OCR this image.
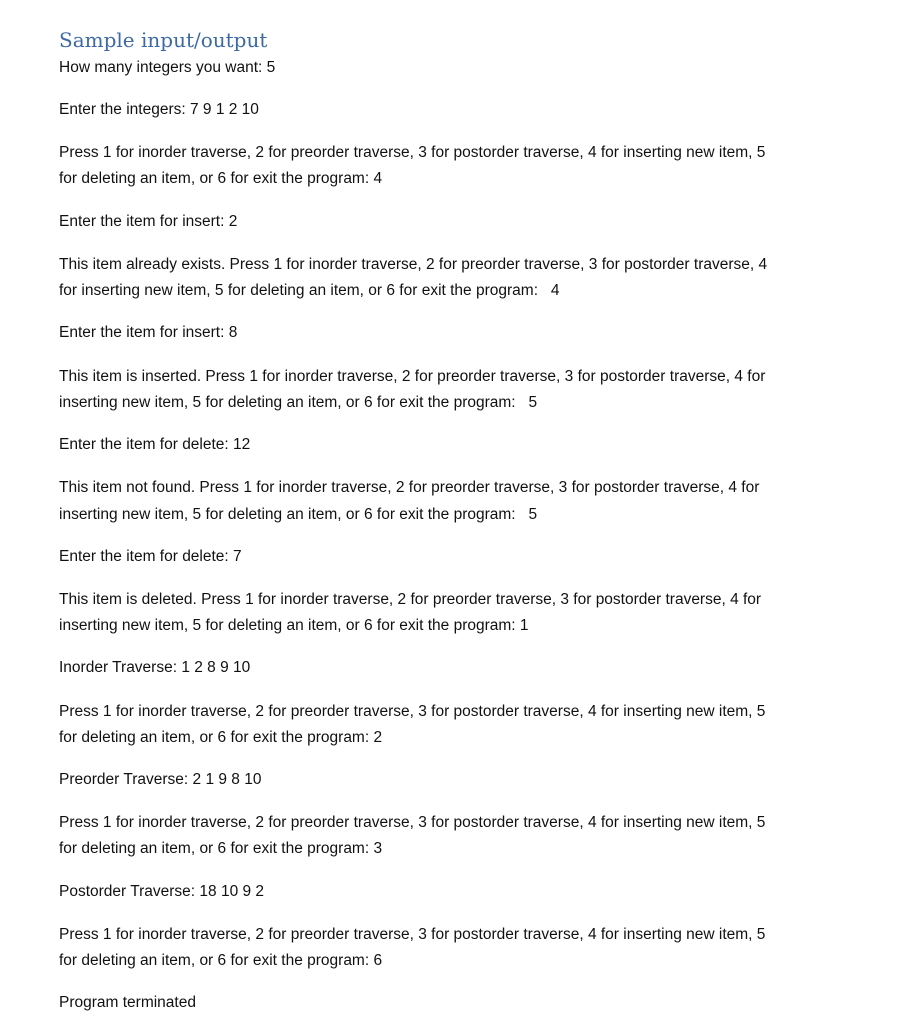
Sample input/output

How many integers you want: 5

Enter the integers: 7 9 1 2 10

Press 1 for inorder traverse, 2 for preorder traverse, 3 for postorder traverse, 4 for inserting new item, 5

for deleting an item, or 6 for exit the program: 4

Enter the item for insert: 2

This item already exists. Press 1 for inorder traverse, 2 for preorder traverse, 3 for postorder traverse, 4

for inserting new item, 5 for deleting an item, or 6 for exit the program:   4

Enter the item for insert: 8

This item is inserted. Press 1 for inorder traverse, 2 for preorder traverse, 3 for postorder traverse, 4 for

inserting new item, 5 for deleting an item, or 6 for exit the program:   5

Enter the item for delete: 12

This item not found. Press 1 for inorder traverse, 2 for preorder traverse, 3 for postorder traverse, 4 for

inserting new item, 5 for deleting an item, or 6 for exit the program:   5

Enter the item for delete: 7

This item is deleted. Press 1 for inorder traverse, 2 for preorder traverse, 3 for postorder traverse, 4 for

inserting new item, 5 for deleting an item, or 6 for exit the program: 1

Inorder Traverse: 1 2 8 9 10

Press 1 for inorder traverse, 2 for preorder traverse, 3 for postorder traverse, 4 for inserting new item, 5

for deleting an item, or 6 for exit the program: 2

Preorder Traverse: 2 1 9 8 10

Press 1 for inorder traverse, 2 for preorder traverse, 3 for postorder traverse, 4 for inserting new item, 5

for deleting an item, or 6 for exit the program: 3

Postorder Traverse: 18 10 9 2

Press 1 for inorder traverse, 2 for preorder traverse, 3 for postorder traverse, 4 for inserting new item, 5

for deleting an item, or 6 for exit the program: 6

Program terminated
